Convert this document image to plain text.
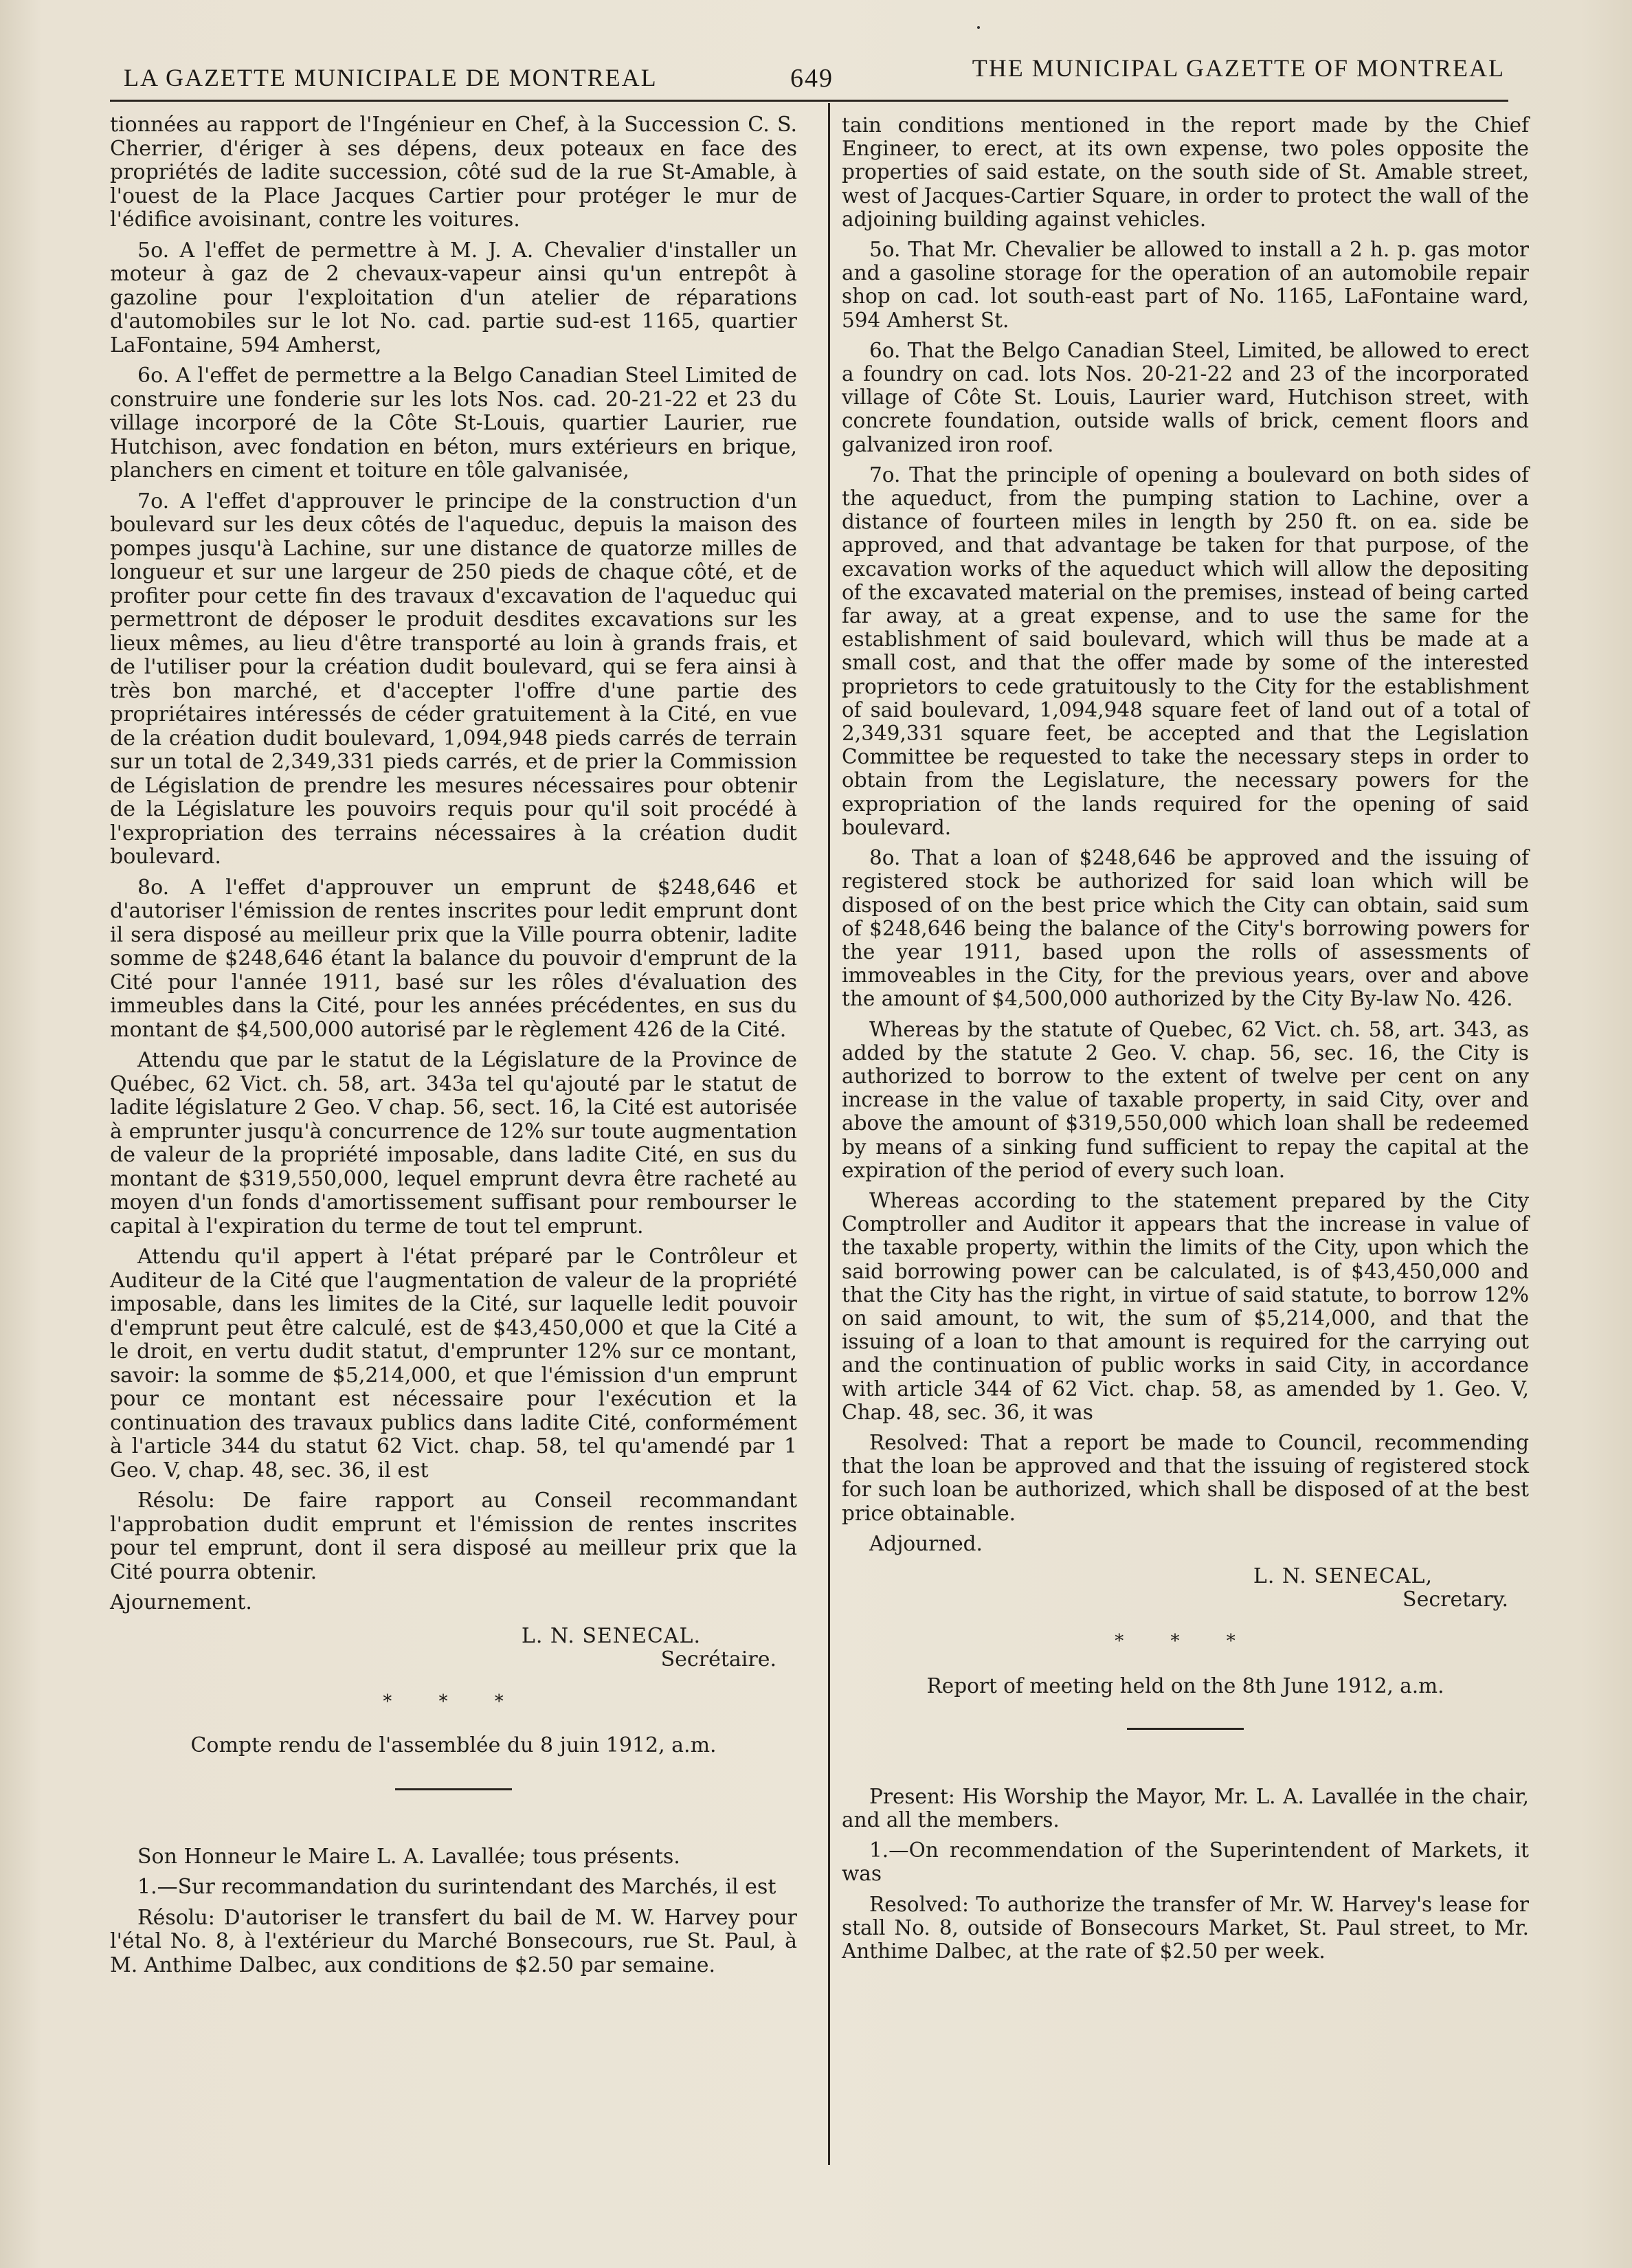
LA GAZETTE MUNICIPALE DE MONTREAL	649	THE MUNICIPAL GAZETTE OF MONTREAL

tionnées au rapport de l'Ingénieur en Chef, à la Succession C. S. Cherrier, d'ériger à ses dépens, deux poteaux en face des propriétés de ladite succession, côté sud de la rue St-Amable, à l'ouest de la Place Jacques Cartier pour protéger le mur de l'édifice avoisinant, contre les voitures.

5o. A l'effet de permettre à M. J. A. Chevalier d'installer un moteur à gaz de 2 chevaux-vapeur ainsi qu'un entrepôt à gazoline pour l'exploitation d'un atelier de réparations d'automobiles sur le lot No. cad. partie sud-est 1165, quartier LaFontaine, 594 Amherst,

6o. A l'effet de permettre a la Belgo Canadian Steel Limited de construire une fonderie sur les lots Nos. cad. 20-21-22 et 23 du village incorporé de la Côte St-Louis, quartier Laurier, rue Hutchison, avec fondation en béton, murs extérieurs en brique, planchers en ciment et toiture en tôle galvanisée,

7o. A l'effet d'approuver le principe de la construction d'un boulevard sur les deux côtés de l'aqueduc, depuis la maison des pompes jusqu'à Lachine, sur une distance de quatorze milles de longueur et sur une largeur de 250 pieds de chaque côté, et de profiter pour cette fin des travaux d'excavation de l'aqueduc qui permettront de déposer le produit desdites excavations sur les lieux mêmes, au lieu d'être transporté au loin à grands frais, et de l'utiliser pour la création dudit boulevard, qui se fera ainsi à très bon marché, et d'accepter l'offre d'une partie des propriétaires intéressés de céder gratuitement à la Cité, en vue de la création dudit boulevard, 1,094,948 pieds carrés de terrain sur un total de 2,349,331 pieds carrés, et de prier la Commission de Législation de prendre les mesures nécessaires pour obtenir de la Législature les pouvoirs requis pour qu'il soit procédé à l'expropriation des terrains nécessaires à la création dudit boulevard.

8o. A l'effet d'approuver un emprunt de $248,646 et d'autoriser l'émission de rentes inscrites pour ledit emprunt dont il sera disposé au meilleur prix que la Ville pourra obtenir, ladite somme de $248,646 étant la balance du pouvoir d'emprunt de la Cité pour l'année 1911, basé sur les rôles d'évaluation des immeubles dans la Cité, pour les années précédentes, en sus du montant de $4,500,000 autorisé par le règlement 426 de la Cité.

Attendu que par le statut de la Législature de la Province de Québec, 62 Vict. ch. 58, art. 343a tel qu'ajouté par le statut de ladite législature 2 Geo. V chap. 56, sect. 16, la Cité est autorisée à emprunter jusqu'à concurrence de 12% sur toute augmentation de valeur de la propriété imposable, dans ladite Cité, en sus du montant de $319,550,000, lequel emprunt devra être racheté au moyen d'un fonds d'amortissement suffisant pour rembourser le capital à l'expiration du terme de tout tel emprunt.

Attendu qu'il appert à l'état préparé par le Contrôleur et Auditeur de la Cité que l'augmentation de valeur de la propriété imposable, dans les limites de la Cité, sur laquelle ledit pouvoir d'emprunt peut être calculé, est de $43,450,000 et que la Cité a le droit, en vertu dudit statut, d'emprunter 12% sur ce montant, savoir: la somme de $5,214,000, et que l'émission d'un emprunt pour ce montant est nécessaire pour l'exécution et la continuation des travaux publics dans ladite Cité, conformément à l'article 344 du statut 62 Vict. chap. 58, tel qu'amendé par 1 Geo. V, chap. 48, sec. 36, il est

Résolu: De faire rapport au Conseil recommandant l'approbation dudit emprunt et l'émission de rentes inscrites pour tel emprunt, dont il sera disposé au meilleur prix que la Cité pourra obtenir.

Ajournement.

L. N. SENECAL.
Secrétaire.
* * *

Compte rendu de l'assemblée du 8 juin 1912, a.m.

Son Honneur le Maire L. A. Lavallée; tous présents.

1.—Sur recommandation du surintendant des Marchés, il est

Résolu: D'autoriser le transfert du bail de M. W. Harvey pour l'étal No. 8, à l'extérieur du Marché Bonsecours, rue St. Paul, à M. Anthime Dalbec, aux conditions de $2.50 par semaine.

tain conditions mentioned in the report made by the Chief Engineer, to erect, at its own expense, two poles opposite the properties of said estate, on the south side of St. Amable street, west of Jacques-Cartier Square, in order to protect the wall of the adjoining building against vehicles.

5o. That Mr. Chevalier be allowed to install a 2 h. p. gas motor and a gasoline storage for the operation of an automobile repair shop on cad. lot south-east part of No. 1165, LaFontaine ward, 594 Amherst St.

6o. That the Belgo Canadian Steel, Limited, be allowed to erect a foundry on cad. lots Nos. 20-21-22 and 23 of the incorporated village of Côte St. Louis, Laurier ward, Hutchison street, with concrete foundation, outside walls of brick, cement floors and galvanized iron roof.

7o. That the principle of opening a boulevard on both sides of the aqueduct, from the pumping station to Lachine, over a distance of fourteen miles in length by 250 ft. on ea. side be approved, and that advantage be taken for that purpose, of the excavation works of the aqueduct which will allow the depositing of the excavated material on the premises, instead of being carted far away, at a great expense, and to use the same for the establishment of said boulevard, which will thus be made at a small cost, and that the offer made by some of the interested proprietors to cede gratuitously to the City for the establishment of said boulevard, 1,094,948 square feet of land out of a total of 2,349,331 square feet, be accepted and that the Legislation Committee be requested to take the necessary steps in order to obtain from the Legislature, the necessary powers for the expropriation of the lands required for the opening of said boulevard.

8o. That a loan of $248,646 be approved and the issuing of registered stock be authorized for said loan which will be disposed of on the best price which the City can obtain, said sum of $248,646 being the balance of the City's borrowing powers for the year 1911, based upon the rolls of assessments of immoveables in the City, for the previous years, over and above the amount of $4,500,000 authorized by the City By-law No. 426.

Whereas by the statute of Quebec, 62 Vict. ch. 58, art. 343, as added by the statute 2 Geo. V. chap. 56, sec. 16, the City is authorized to borrow to the extent of twelve per cent on any increase in the value of taxable property, in said City, over and above the amount of $319,550,000 which loan shall be redeemed by means of a sinking fund sufficient to repay the capital at the expiration of the period of every such loan.

Whereas according to the statement prepared by the City Comptroller and Auditor it appears that the increase in value of the taxable property, within the limits of the City, upon which the said borrowing power can be calculated, is of $43,450,000 and that the City has the right, in virtue of said statute, to borrow 12% on said amount, to wit, the sum of $5,214,000, and that the issuing of a loan to that amount is required for the carrying out and the continuation of public works in said City, in accordance with article 344 of 62 Vict. chap. 58, as amended by 1. Geo. V, Chap. 48, sec. 36, it was

Resolved: That a report be made to Council, recommending that the loan be approved and that the issuing of registered stock for such loan be authorized, which shall be disposed of at the best price obtainable.

Adjourned.

L. N. SENECAL,
Secretary.
* * *

Report of meeting held on the 8th June 1912, a.m.

Present: His Worship the Mayor, Mr. L. A. Lavallée in the chair, and all the members.

1.—On recommendation of the Superintendent of Markets, it was

Resolved: To authorize the transfer of Mr. W. Harvey's lease for stall No. 8, outside of Bonsecours Market, St. Paul street, to Mr. Anthime Dalbec, at the rate of $2.50 per week.
